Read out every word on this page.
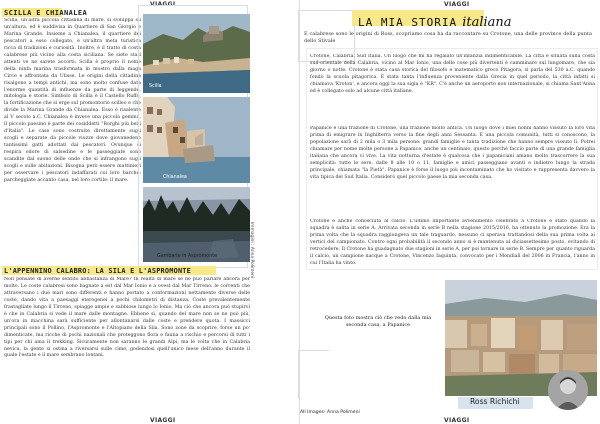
VIAGGI
SCILLA E CHIANALEA

Scilla, un'altra piccola cittadina di mare, si sviluppa su un'altura, ed è suddivisa in Quartiere di San Giorgio e Marina Grande. Insieme a Chianalea, il quartiere dei pescatori a esso collegato, è un'altra meta turistica ricca di tradizioni e curiosità. Inoltre, è il tratto di costa calabrese più vicino alla costa siciliana. Se siete stati attenti ve ne sarete accorti: Scilla è proprio il nome della ninfa marina trasformata in mostro dalla maga Circe e affrontata da Ulisse. Le origini della cittadina risalgono a tempi antichi, ma sono molto confuse data l'enorme quantità di influenze da parte di leggende, mitologia e storie. Simbolo di Scilla è il Castello Ruffo, la fortificazione che si erge sul promontorio scilleo e che divide la Marina Grande da Chianalea. Esso è risalente al V secolo a.C. Chianalea è invece una piccola gemma, il piccolo paesino è parte dei cosiddetti "Borghi più belli d'Italia". Le case sono costruite direttamente sugli scogli e separate da piccole viuzze dove giovanedeno tantissimi gatti adottati dai pescatori. Ovunque si respira odore di salsedine e le passeggiate sono scandite dal suono delle onde che si infrangono sugli scogli e sulle abitazioni. Bisogna però essere mattinieri per osservare i pescatori indaffarati coi loro barche: parcheggiate accanto casa, nel loro cortile: il mare.

Scilla
Chianalea
Gambarie in Aspromonte	Immagini : Anna Polimeni
L'APPENNINO CALABRO: LA SILA E L'ASPROMONTE

Non pensate di averne sentito abbastanza di Mare? In realtà di mare se ne può parlare ancora per molto. Le coste calabresi sono bagnate a est dal Mar Ionio e a ovest dal Mar Tirreno: le correnti che attraversano i due mari sono differenti e hanno portato a conformazioni nettamente diverse delle coste, dando vita a paesaggi eterogenei a pochi chilometri di distanza. Coste prevalentemente frastagliate lungo il Tirreno, spiagge ampie e sabbiose lungo lo Ionio. Ma ciò che ancora può stupirvi è che in Calabria si vede il mare dalle montagne. Ebbene sì, quando del mare non se ne può più, un'ora in macchina sarà sufficiente per allontanarsi dalle coste e prendere quota. I massicci principali sono il Pollino, l'Aspromonte e l'Altopiano della Sila. Sono zone da scoprire, forse un po' dimenticate, ma ricche di pochi nazionali che proteggono flora e fauna a rischio e percorsi di tutti i tipi per chi ama il trekking. Sicuramente non saranno le grandi Alpi, ma le volte che in Calabria nevica, la gente si ostina a riversarsi sulle cime, godendosi quell'unico mese dell'anno durante il quale l'estate e il mare sembrano lontani.

VIAGGI
VIAGGI
LA MIA STORIA italiana

È calabrese sono le origini di Ross, scopriamo cosa ha da raccontare su Crotone, una delle province della punta dello Stivale

Crotone, Calabria. Sud Italia. Un luogo che mi ha regalato un'infanzia indimenticabile. La città è situata sulla costa sud-orientale della Calabria, vicino al Mar Ionio, una delle cose più divertenti è camminare sul lungomare, che sia giorno o notte. Crotone è stata casa storica del filosofo e matematico greco Pitagora, si parla del 530 a.C. quando fondò la scuola pitagorica. È stata tanta l'influenza proveniente dalla Grecia in quel periodo, la città infatti si chiamava 'Kroton', e ancora oggi la sua sigla è "KR". C'è anche un aeroporto non internazionale, si chiama Sant'Anna ed è collegato solo ad alcune città italiane.

Papanice è una frazione di Crotone, una frazione molto antica. Un luogo dove i miei nonni hanno vissuto la loro vita prima di emigrare in Inghilterra verso la fine degli anni Sessanta. È una piccola comunità, tutti si conoscono, la popolazione sarà di 2 mila o 3 mila persone: grandi famiglie e tanta tradizione che hanno sempre vissuto lì. Potrei chiamare per nome molte persone a Papanice, anche un centinaio, questo perché faccio parte di una grande famiglia italiana che ancora ci vive. La vita notturna d'estate è qualcosa che i papaniciani amano molto trascorrere la sua semplicità: tutte le sere, dalle 8 alle 10 o 11, famiglie e amici passeggiano avanti e indietro lungo la strada principale, chiamata "la Pietà". Papanice è forse il luogo più incontaminato che ho visitato e rappresenta davvero la vita tipica del Sud Italia. Considero quel piccolo paese la mia seconda casa.

Crotone è anche conosciuta al calcio. L'ultimo importante avvenimento celebrato a Crotone è stato quando la squadra è salita in serie A. Arrivata seconda in serie B nella stagione 2015/2016, ha ottenuto la promozione. Era la prima volta che la squadra raggiungeva un tale traguardo, nessuno ci sperava trattandosi della sua prima volta ai vertici del campionato. Contro ogni probabilità il secondo anno si è mantenuta al diciassettesimo posto, evitando di retrocedere. Il Crotone ha guadagnato due stagioni in serie A, per poi tornare in serie B. Sempre per quanto riguarda il calcio, un campione nacque a Crotone, Vincenzo Iaquinta, convocato per i Mondiali del 2006 in Francia, l'anno in cui l'Italia ha vinto.

Questa foto mostra ciò che vedo dalla mia seconda casa, a Papanice
Ross Richichi
VIAGGI
All Images- Anna Polimeni
